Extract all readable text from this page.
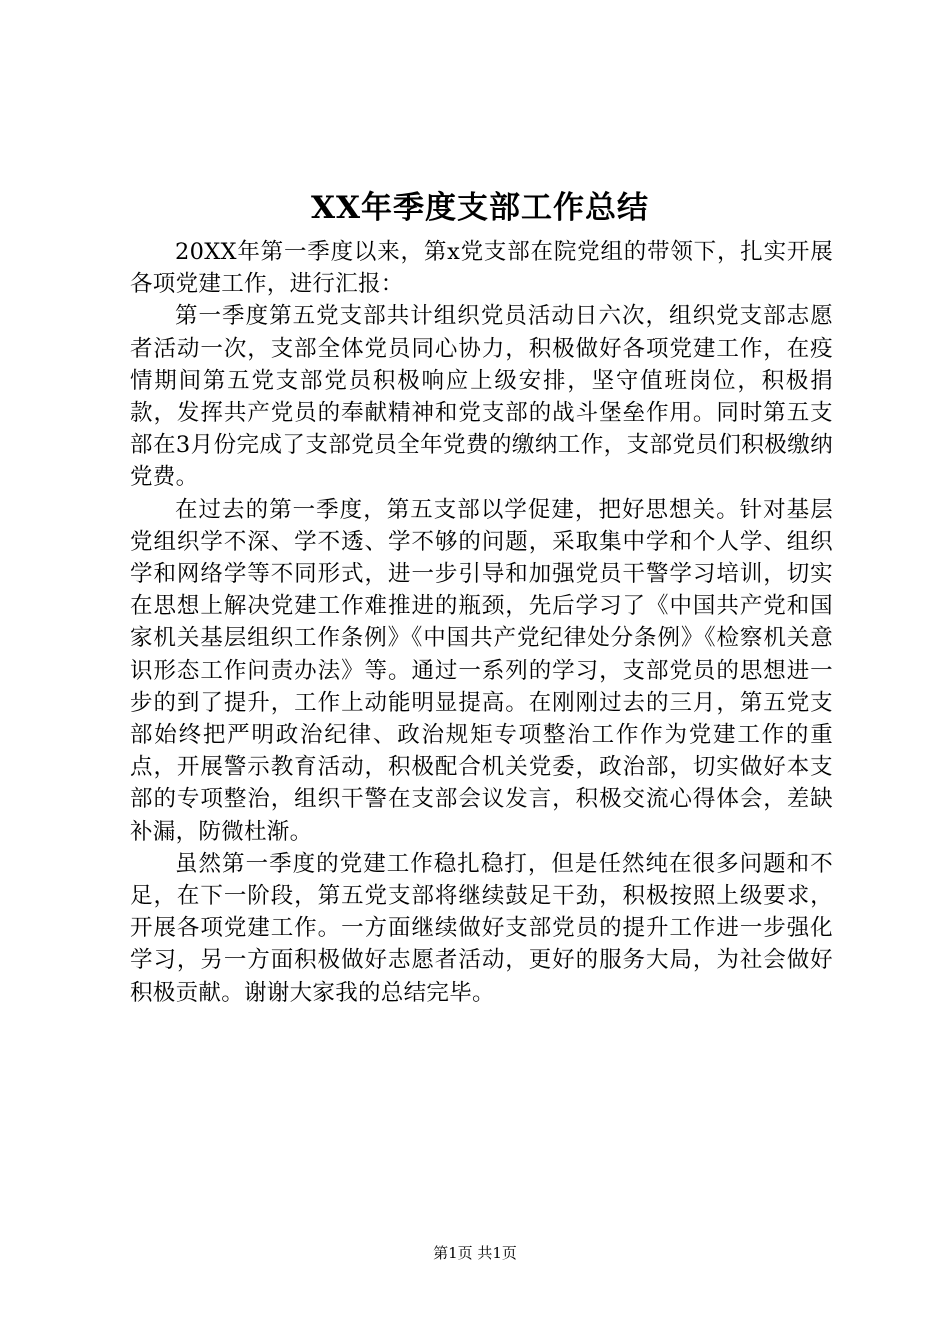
XX年季度支部工作总结

20XX年第一季度以来，第x党支部在院党组的带领下，扎实开展各项党建工作，进行汇报：

第一季度第五党支部共计组织党员活动日六次，组织党支部志愿者活动一次，支部全体党员同心协力，积极做好各项党建工作，在疫情期间第五党支部党员积极响应上级安排，坚守值班岗位，积极捐款，发挥共产党员的奉献精神和党支部的战斗堡垒作用。同时第五支部在3月份完成了支部党员全年党费的缴纳工作，支部党员们积极缴纳党费。

在过去的第一季度，第五支部以学促建，把好思想关。针对基层党组织学不深、学不透、学不够的问题，采取集中学和个人学、组织学和网络学等不同形式，进一步引导和加强党员干警学习培训，切实在思想上解决党建工作难推进的瓶颈，先后学习了《中国共产党和国家机关基层组织工作条例》《中国共产党纪律处分条例》《检察机关意识形态工作问责办法》等。通过一系列的学习，支部党员的思想进一步的到了提升，工作上动能明显提高。在刚刚过去的三月，第五党支部始终把严明政治纪律、政治规矩专项整治工作作为党建工作的重点，开展警示教育活动，积极配合机关党委，政治部，切实做好本支部的专项整治，组织干警在支部会议发言，积极交流心得体会，差缺补漏，防微杜渐。

虽然第一季度的党建工作稳扎稳打，但是任然纯在很多问题和不足，在下一阶段，第五党支部将继续鼓足干劲，积极按照上级要求，开展各项党建工作。一方面继续做好支部党员的提升工作进一步强化学习，另一方面积极做好志愿者活动，更好的服务大局，为社会做好积极贡献。谢谢大家我的总结完毕。

第1页 共1页
